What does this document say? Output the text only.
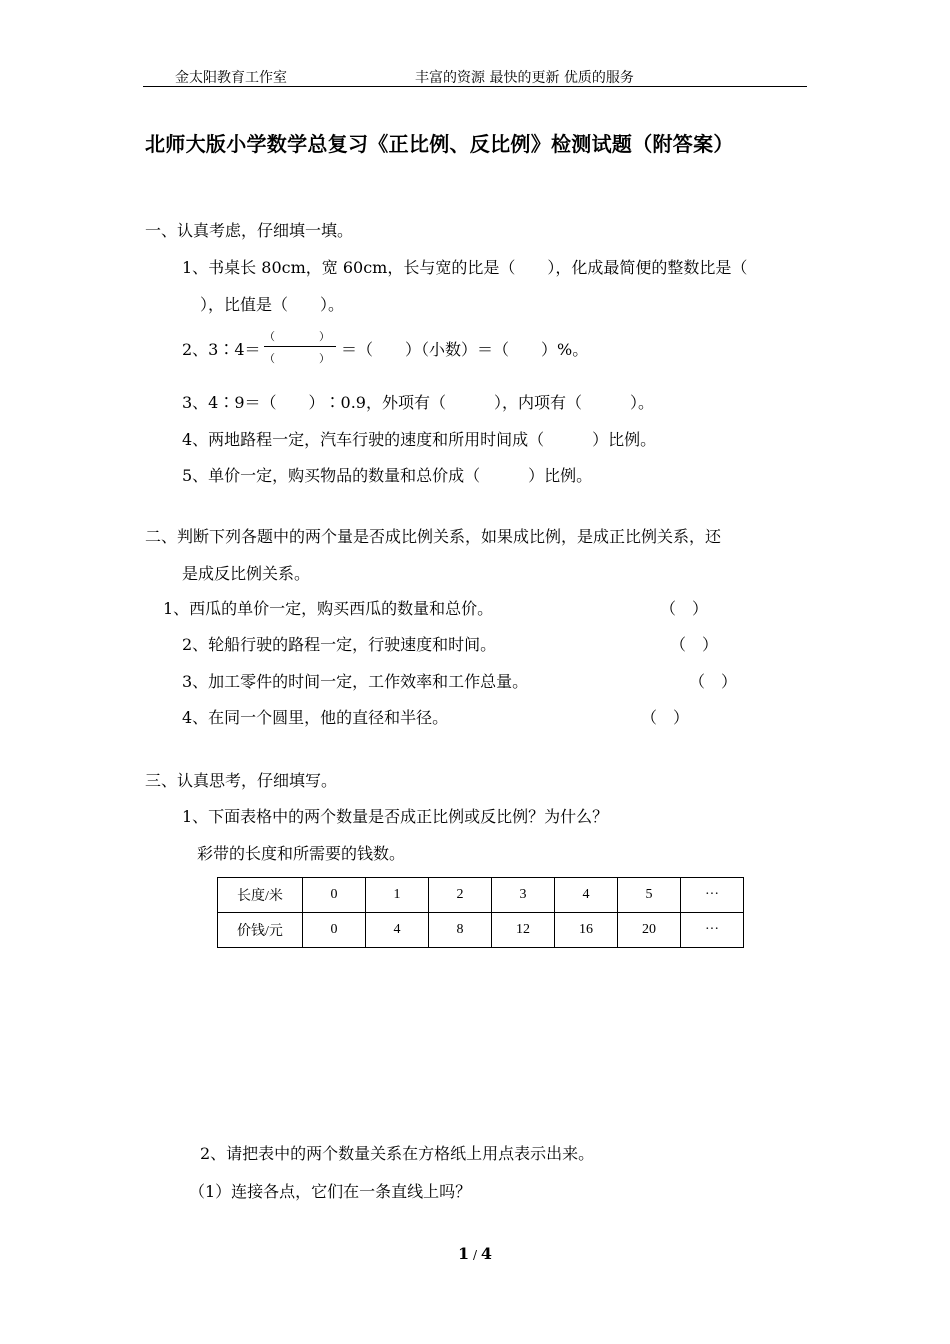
金太阳教育工作室	丰富的资源 最快的更新 优质的服务
北师大版小学数学总复习《正比例、反比例》检测试题（附答案）
一、认真考虑，仔细填一填。
1、书桌长 80cm，宽 60cm，长与宽的比是（　　），化成最简便的整数比是（
），比值是（　　）。
2、3∶4＝
（　　　　）
（　　　　） ＝（　　）（小数）＝（　　）%。
3、4∶9＝（　　）∶0.9，外项有（　　　），内项有（　　　）。
4、两地路程一定，汽车行驶的速度和所用时间成（　　　）比例。
5、单价一定，购买物品的数量和总价成（　　　）比例。
二、判断下列各题中的两个量是否成比例关系，如果成比例，是成正比例关系，还
是成反比例关系。
1、西瓜的单价一定，购买西瓜的数量和总价。	（　）
2、轮船行驶的路程一定，行驶速度和时间。	（　）
3、加工零件的时间一定，工作效率和工作总量。	（　）
4、在同一个圆里，他的直径和半径。	（　）
三、认真思考，仔细填写。
1、下面表格中的两个数量是否成正比例或反比例？为什么？
彩带的长度和所需要的钱数。
长度/米	0	1	2	3	4	5	···
价钱/元	0	4	8	12	16	20	···
2、请把表中的两个数量关系在方格纸上用点表示出来。
（1）连接各点，它们在一条直线上吗？
1 / 4
